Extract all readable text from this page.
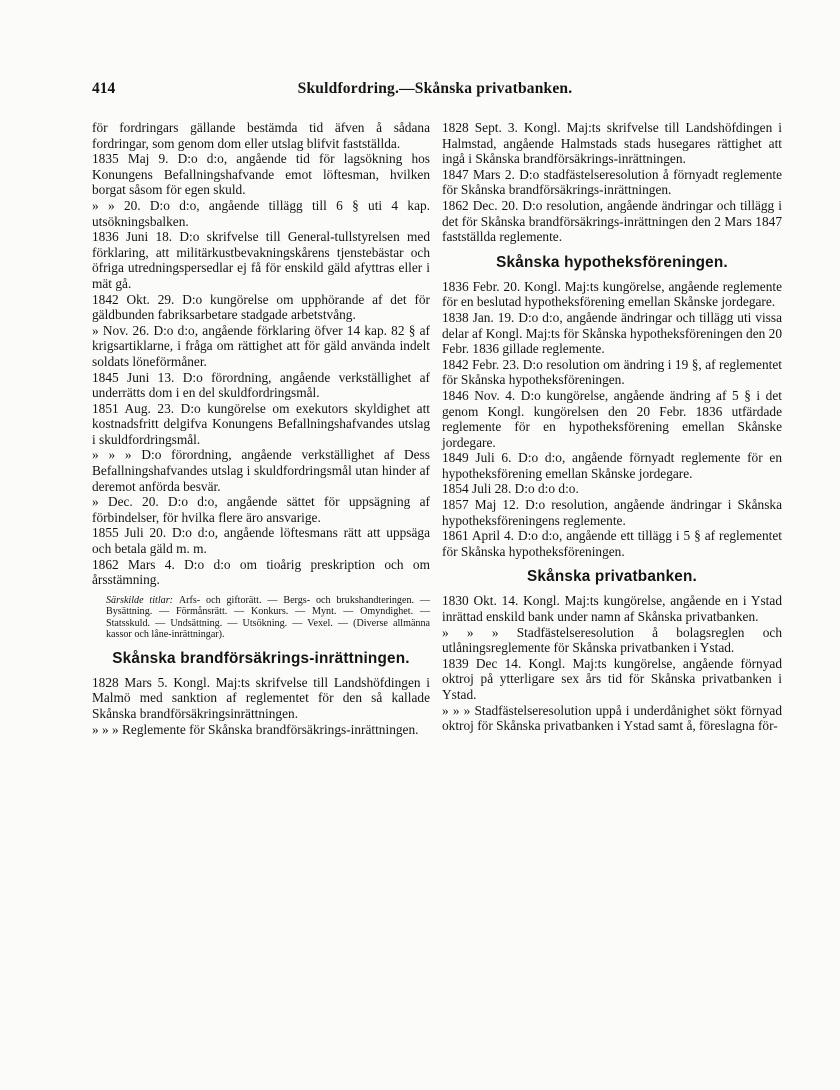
414	Skuldfordring.—Skånska privatbanken.

för fordringars gällande bestämda tid äfven å sådana fordringar, som genom dom eller utslag blifvit fastställda.

1835 Maj 9. D:o d:o, angående tid för lagsökning hos Konungens Befallningshafvande emot löftesman, hvilken borgat såsom för egen skuld.

» » 20. D:o d:o, angående tillägg till 6 § uti 4 kap. utsökningsbalken.

1836 Juni 18. D:o skrifvelse till General-tullstyrelsen med förklaring, att militärkustbevakningskårens tjenstebästar och öfriga utredningspersedlar ej få för enskild gäld afyttras eller i mät gå.

1842 Okt. 29. D:o kungörelse om upphörande af det för gäldbunden fabriksarbetare stadgade arbetstvång.

» Nov. 26. D:o d:o, angående förklaring öfver 14 kap. 82 § af krigsartiklarne, i fråga om rättighet att för gäld använda indelt soldats löneförmåner.

1845 Juni 13. D:o förordning, angående verkställighet af underrätts dom i en del skuldfordringsmål.

1851 Aug. 23. D:o kungörelse om exekutors skyldighet att kostnadsfritt delgifva Konungens Befallningshafvandes utslag i skuldfordringsmål.

» » » D:o förordning, angående verkställighet af Dess Befallningshafvandes utslag i skuldfordringsmål utan hinder af deremot anförda besvär.

» Dec. 20. D:o d:o, angående sättet för uppsägning af förbindelser, för hvilka flere äro ansvarige.

1855 Juli 20. D:o d:o, angående löftesmans rätt att uppsäga och betala gäld m. m.

1862 Mars 4. D:o d:o om tioårig preskription och om årsstämning.

Särskilde titlar: Arfs- och giftorätt. — Bergs- och brukshandteringen. — Bysättning. — Förmånsrätt. — Konkurs. — Mynt. — Omyndighet. — Statsskuld. — Undsättning. — Utsökning. — Vexel. — (Diverse allmänna kassor och låne-inrättningar).
Skånska brandförsäkrings-inrättningen.

1828 Mars 5. Kongl. Maj:ts skrifvelse till Landshöfdingen i Malmö med sanktion af reglementet för den så kallade Skånska brandförsäkringsinrättningen.

» » » Reglemente för Skånska brandförsäkrings-inrättningen.

1828 Sept. 3. Kongl. Maj:ts skrifvelse till Landshöfdingen i Halmstad, angående Halmstads stads husegares rättighet att ingå i Skånska brandförsäkrings-inrättningen.

1847 Mars 2. D:o stadfästelseresolution å förnyadt reglemente för Skånska brandförsäkrings-inrättningen.

1862 Dec. 20. D:o resolution, angående ändringar och tillägg i det för Skånska brandförsäkrings-inrättningen den 2 Mars 1847 fastställda reglemente.

Skånska hypotheksföreningen.

1836 Febr. 20. Kongl. Maj:ts kungörelse, angående reglemente för en beslutad hypotheksförening emellan Skånske jordegare.

1838 Jan. 19. D:o d:o, angående ändringar och tillägg uti vissa delar af Kongl. Maj:ts för Skånska hypotheksföreningen den 20 Febr. 1836 gillade reglemente.

1842 Febr. 23. D:o resolution om ändring i 19 §, af reglementet för Skånska hypotheksföreningen.

1846 Nov. 4. D:o kungörelse, angående ändring af 5 § i det genom Kongl. kungörelsen den 20 Febr. 1836 utfärdade reglemente för en hypotheksförening emellan Skånske jordegare.

1849 Juli 6. D:o d:o, angående förnyadt reglemente för en hypotheksförening emellan Skånske jordegare.

1854 Juli 28. D:o d:o d:o.

1857 Maj 12. D:o resolution, angående ändringar i Skånska hypotheksföreningens reglemente.

1861 April 4. D:o d:o, angående ett tillägg i 5 § af reglementet för Skånska hypotheksföreningen.

Skånska privatbanken.

1830 Okt. 14. Kongl. Maj:ts kungörelse, angående en i Ystad inrättad enskild bank under namn af Skånska privatbanken.

» » » Stadfästelseresolution å bolagsreglen och utlåningsreglemente för Skånska privatbanken i Ystad.

1839 Dec 14. Kongl. Maj:ts kungörelse, angående förnyad oktroj på ytterligare sex års tid för Skånska privatbanken i Ystad.

» » » Stadfästelseresolution uppå i underdånighet sökt förnyad oktroj för Skånska privatbanken i Ystad samt å, föreslagna för-
